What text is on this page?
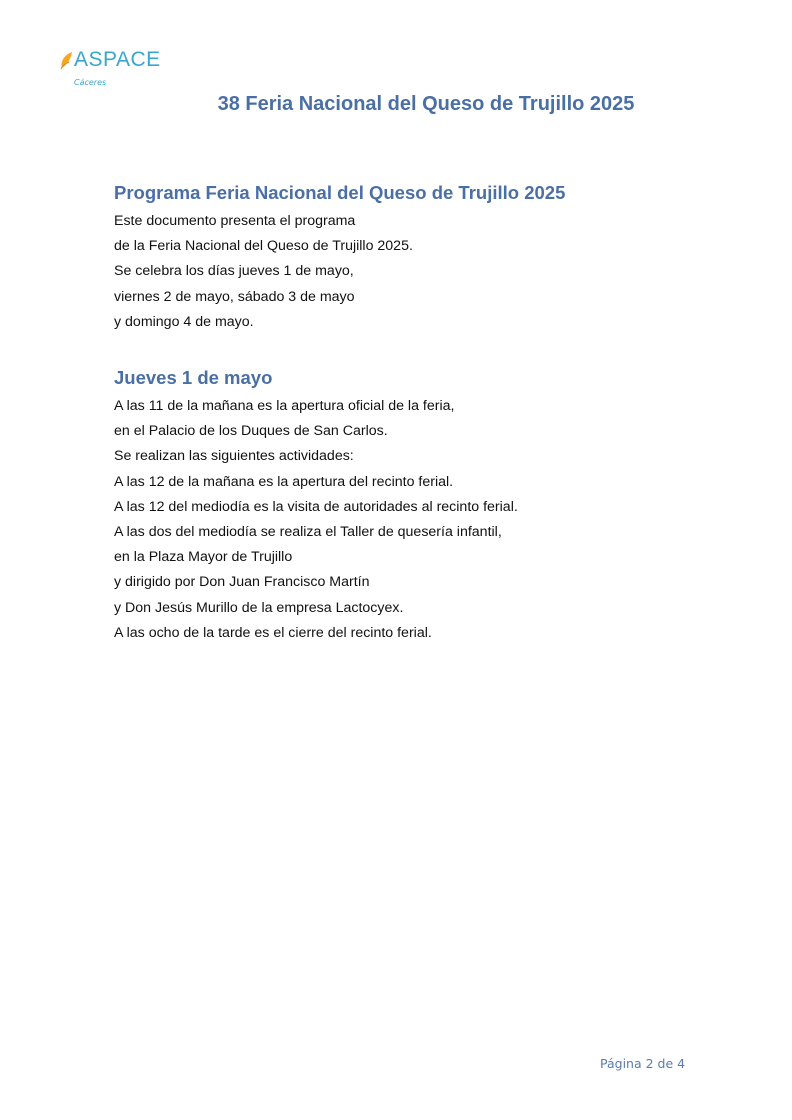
ASPACE
Cáceres
38 Feria Nacional del Queso de Trujillo 2025
Programa Feria Nacional del Queso de Trujillo 2025

Este documento presenta el programa

de la Feria Nacional del Queso de Trujillo 2025.

Se celebra los días jueves 1 de mayo,

viernes 2 de mayo, sábado 3 de mayo

y domingo 4 de mayo.

Jueves 1 de mayo

A las 11 de la mañana es la apertura oficial de la feria,

en el Palacio de los Duques de San Carlos.

Se realizan las siguientes actividades:

A las 12 de la mañana es la apertura del recinto ferial.

A las 12 del mediodía es la visita de autoridades al recinto ferial.

A las dos del mediodía se realiza el Taller de quesería infantil,

en la Plaza Mayor de Trujillo

y dirigido por Don Juan Francisco Martín

y Don Jesús Murillo de la empresa Lactocyex.

A las ocho de la tarde es el cierre del recinto ferial.

Página 2 de 4
